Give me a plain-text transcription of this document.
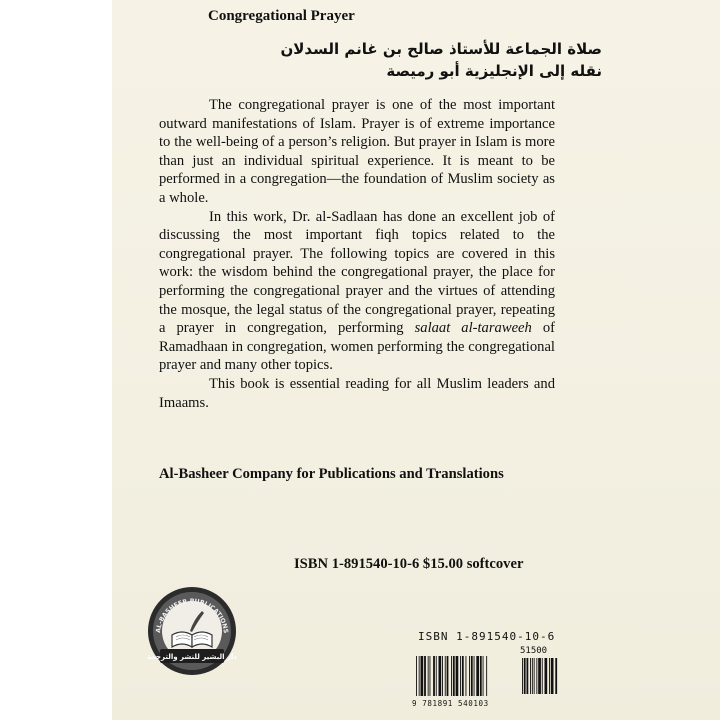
Congregational Prayer
صلاة الجماعة للأستاذ صالح بن غانم السدلان
نقله إلى الإنجليزية أبو رميصة

The congregational prayer is one of the most important outward manifestations of Islam. Prayer is of extreme importance to the well-being of a person’s religion. But prayer in Islam is more than just an individual spiritual experience. It is meant to be performed in a congregation—the foundation of Muslim society as a whole.

In this work, Dr. al-Sadlaan has done an excellent job of discussing the most important fiqh topics related to the congregational prayer. The following topics are covered in this work: the wisdom behind the congregational prayer, the place for performing the congregational prayer and the virtues of attending the mosque, the legal status of the congregational prayer, repeating a prayer in congregation, performing salaat al-taraweeh of Ramadhaan in congregation, women performing the congregational prayer and many other topics.

This book is essential reading for all Muslim leaders and Imaams.

Al-Basheer Company for Publications and Translations
ISBN 1-891540-10-6 $15.00 softcover
AL-BASHEER PUBLICATIONS
دار البشير للنشر والترجمة
ISBN 1-891540-10-6
51500
9 781891 540103
